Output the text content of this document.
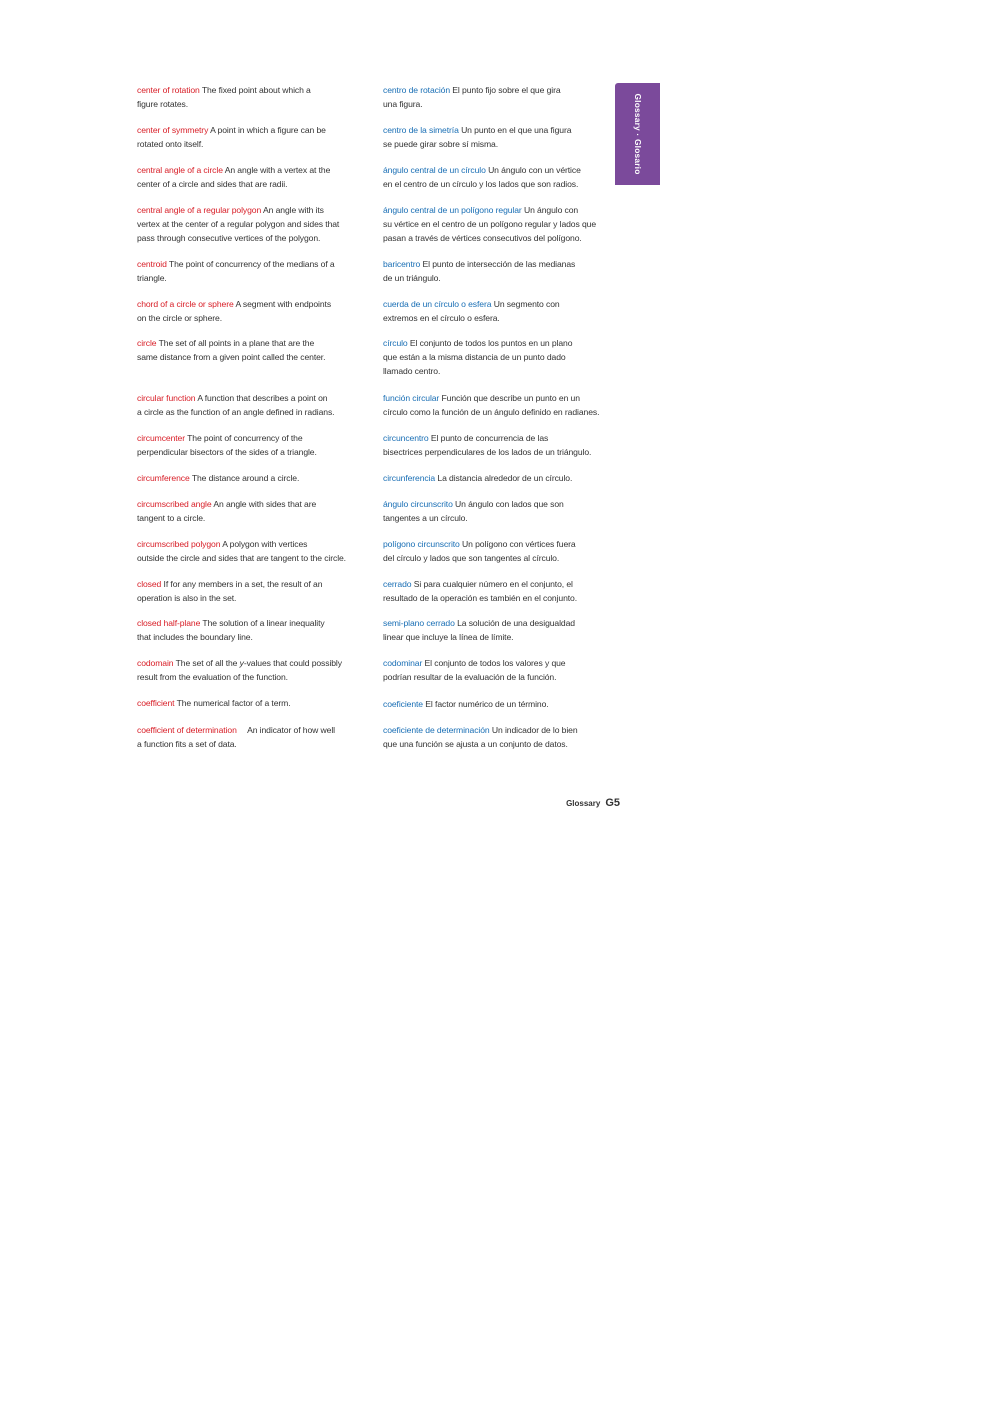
Glossary · Glosario
center of rotation The fixed point about which a
figure rotates.
center of symmetry A point in which a figure can be
rotated onto itself.
central angle of a circle An angle with a vertex at the
center of a circle and sides that are radii.
central angle of a regular polygon An angle with its
vertex at the center of a regular polygon and sides that
pass through consecutive vertices of the polygon.
centroid The point of concurrency of the medians of a
triangle.
chord of a circle or sphere A segment with endpoints
on the circle or sphere.
circle The set of all points in a plane that are the
same distance from a given point called the center.
circular function A function that describes a point on
a circle as the function of an angle defined in radians.
circumcenter The point of concurrency of the
perpendicular bisectors of the sides of a triangle.
circumference The distance around a circle.
circumscribed angle An angle with sides that are
tangent to a circle.
circumscribed polygon A polygon with vertices
outside the circle and sides that are tangent to the circle.
closed If for any members in a set, the result of an
operation is also in the set.
closed half-plane The solution of a linear inequality
that includes the boundary line.
codomain The set of all the y-values that could possibly
result from the evaluation of the function.
coefficient The numerical factor of a term.
coefficient of determination An indicator of how well
a function fits a set of data.
centro de rotación El punto fijo sobre el que gira
una figura.
centro de la simetría Un punto en el que una figura
se puede girar sobre sí misma.
ángulo central de un círculo Un ángulo con un vértice
en el centro de un círculo y los lados que son radios.
ángulo central de un polígono regular Un ángulo con
su vértice en el centro de un polígono regular y lados que
pasan a través de vértices consecutivos del polígono.
baricentro El punto de intersección de las medianas
de un triángulo.
cuerda de un círculo o esfera Un segmento con
extremos en el círculo o esfera.
círculo El conjunto de todos los puntos en un plano
que están a la misma distancia de un punto dado
llamado centro.
función circular Función que describe un punto en un
círculo como la función de un ángulo definido en radianes.
circuncentro El punto de concurrencia de las
bisectrices perpendiculares de los lados de un triángulo.
circunferencia La distancia alrededor de un círculo.
ángulo circunscrito Un ángulo con lados que son
tangentes a un círculo.
polígono circunscrito Un polígono con vértices fuera
del círculo y lados que son tangentes al círculo.
cerrado Si para cualquier número en el conjunto, el
resultado de la operación es también en el conjunto.
semi-plano cerrado La solución de una desigualdad
linear que incluye la línea de límite.
codominar El conjunto de todos los valores y que
podrían resultar de la evaluación de la función.
coeficiente El factor numérico de un término.
coeficiente de determinación Un indicador de lo bien
que una función se ajusta a un conjunto de datos.
Glossary G5
